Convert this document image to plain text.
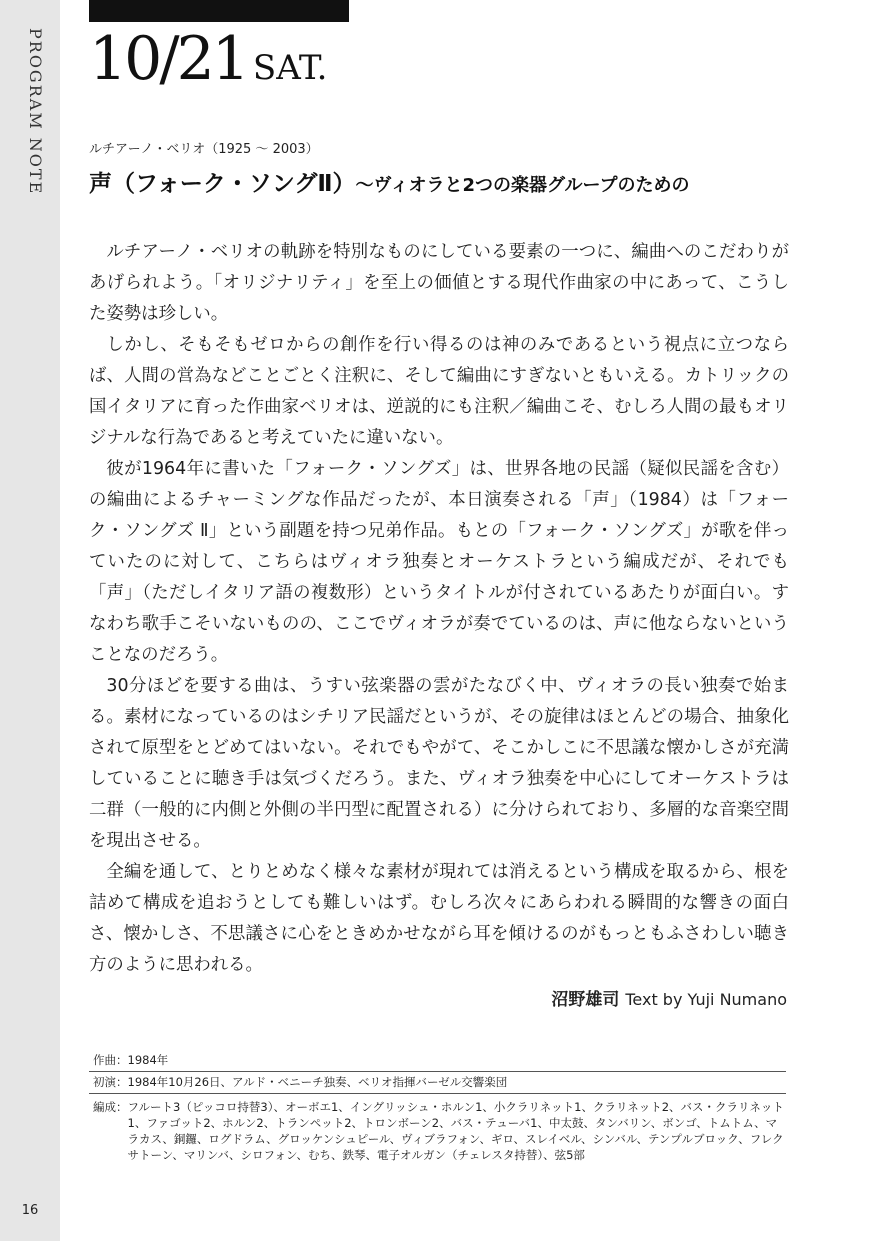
PROGRAM NOTE
16
10/21 SAT.
ルチアーノ・ベリオ（1925 〜 2003）
声（フォーク・ソングⅡ）〜ヴィオラと2つの楽器グループのための

ルチアーノ・ベリオの軌跡を特別なものにしている要素の一つに、編曲へのこだわりがあげられよう。「オリジナリティ」を至上の価値とする現代作曲家の中にあって、こうした姿勢は珍しい。

しかし、そもそもゼロからの創作を行い得るのは神のみであるという視点に立つならば、人間の営為などことごとく注釈に、そして編曲にすぎないともいえる。カトリックの国イタリアに育った作曲家ベリオは、逆説的にも注釈／編曲こそ、むしろ人間の最もオリジナルな行為であると考えていたに違いない。

彼が1964年に書いた「フォーク・ソングズ」は、世界各地の民謡（疑似民謡を含む）の編曲によるチャーミングな作品だったが、本日演奏される「声」（1984）は「フォーク・ソングズ Ⅱ」という副題を持つ兄弟作品。もとの「フォーク・ソングズ」が歌を伴っていたのに対して、こちらはヴィオラ独奏とオーケストラという編成だが、それでも「声」（ただしイタリア語の複数形）というタイトルが付されているあたりが面白い。すなわち歌手こそいないものの、ここでヴィオラが奏でているのは、声に他ならないということなのだろう。

30分ほどを要する曲は、うすい弦楽器の雲がたなびく中、ヴィオラの長い独奏で始まる。素材になっているのはシチリア民謡だというが、その旋律はほとんどの場合、抽象化されて原型をとどめてはいない。それでもやがて、そこかしこに不思議な懐かしさが充満していることに聴き手は気づくだろう。また、ヴィオラ独奏を中心にしてオーケストラは二群（一般的に内側と外側の半円型に配置される）に分けられており、多層的な音楽空間を現出させる。

全編を通して、とりとめなく様々な素材が現れては消えるという構成を取るから、根を詰めて構成を追おうとしても難しいはず。むしろ次々にあらわれる瞬間的な響きの面白さ、懐かしさ、不思議さに心をときめかせながら耳を傾けるのがもっともふさわしい聴き方のように思われる。

沼野雄司 Text by Yuji Numano
作曲：1984年
初演：1984年10月26日、アルド・ベニーチ独奏、ベリオ指揮バーゼル交響楽団
編成： フルート3（ピッコロ持替3）、オーボエ1、イングリッシュ・ホルン1、小クラリネット1、クラリネット2、バス・クラリネット1、ファゴット2、ホルン2、トランペット2、トロンボーン2、バス・テューバ1、中太鼓、タンバリン、ボンゴ、トムトム、マラカス、銅鑼、ログドラム、グロッケンシュピール、ヴィブラフォン、ギロ、スレイベル、シンバル、テンプルブロック、フレクサトーン、マリンバ、シロフォン、むち、鉄琴、電子オルガン（チェレスタ持替）、弦5部
